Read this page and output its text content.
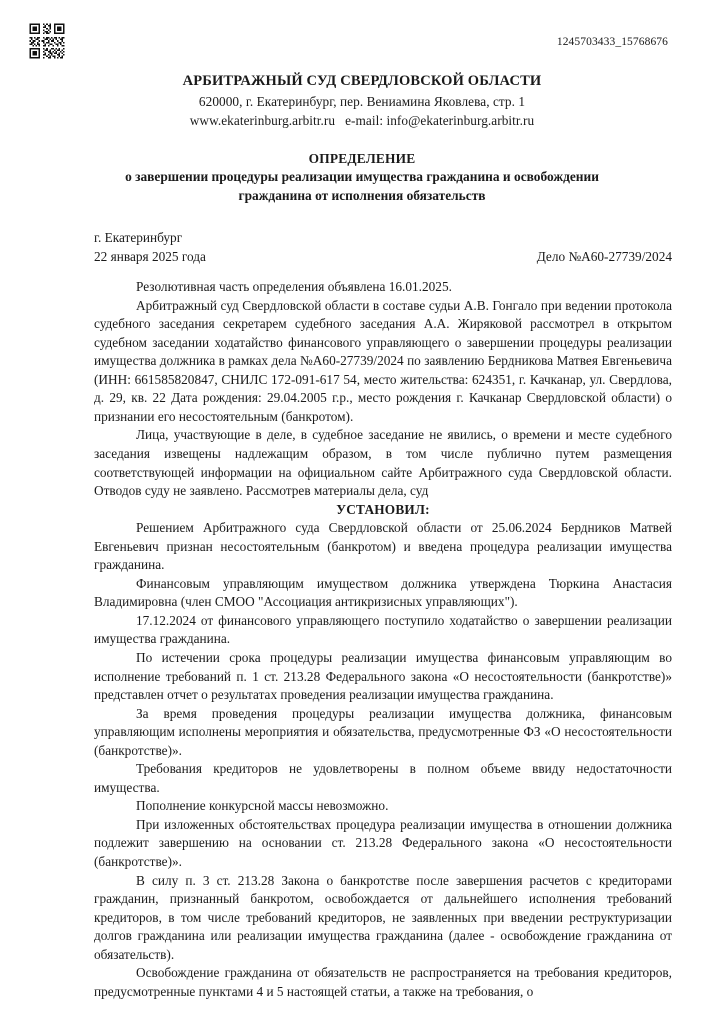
1245703433_15768676
АРБИТРАЖНЫЙ СУД СВЕРДЛОВСКОЙ ОБЛАСТИ
620000, г. Екатеринбург, пер. Вениамина Яковлева, стр. 1
www.ekaterinburg.arbitr.ru e-mail: info@ekaterinburg.arbitr.ru
ОПРЕДЕЛЕНИЕ
о завершении процедуры реализации имущества гражданина и освобождении
гражданина от исполнения обязательств
г. Екатеринбург
22 января 2025 года	Дело №А60-27739/2024

Резолютивная часть определения объявлена 16.01.2025.

Арбитражный суд Свердловской области в составе судьи А.В. Гонгало при ведении протокола судебного заседания секретарем судебного заседания А.А. Жиряковой рассмотрел в открытом судебном заседании ходатайство финансового управляющего о завершении процедуры реализации имущества должника в рамках дела №А60-27739/2024 по заявлению Бердникова Матвея Евгеньевича (ИНН: 661585820847, СНИЛС 172-091-617 54, место жительства: 624351, г. Качканар, ул. Свердлова, д. 29, кв. 22 Дата рождения: 29.04.2005 г.р., место рождения г. Качканар Свердловской области) о признании его несостоятельным (банкротом).

Лица, участвующие в деле, в судебное заседание не явились, о времени и месте судебного заседания извещены надлежащим образом, в том числе публично путем размещения соответствующей информации на официальном сайте Арбитражного суда Свердловской области. Отводов суду не заявлено. Рассмотрев материалы дела, суд

УСТАНОВИЛ:

Решением Арбитражного суда Свердловской области от 25.06.2024 Бердников Матвей Евгеньевич признан несостоятельным (банкротом) и введена процедура реализации имущества гражданина.

Финансовым управляющим имуществом должника утверждена Тюркина Анастасия Владимировна (член СМОО "Ассоциация антикризисных управляющих").

17.12.2024 от финансового управляющего поступило ходатайство о завершении реализации имущества гражданина.

По истечении срока процедуры реализации имущества финансовым управляющим во исполнение требований п. 1 ст. 213.28 Федерального закона «О несостоятельности (банкротстве)» представлен отчет о результатах проведения реализации имущества гражданина.

За время проведения процедуры реализации имущества должника, финансовым управляющим исполнены мероприятия и обязательства, предусмотренные ФЗ «О несостоятельности (банкротстве)».

Требования кредиторов не удовлетворены в полном объеме ввиду недостаточности имущества.

Пополнение конкурсной массы невозможно.

При изложенных обстоятельствах процедура реализации имущества в отношении должника подлежит завершению на основании ст. 213.28 Федерального закона «О несостоятельности (банкротстве)».

В силу п. 3 ст. 213.28 Закона о банкротстве после завершения расчетов с кредиторами гражданин, признанный банкротом, освобождается от дальнейшего исполнения требований кредиторов, в том числе требований кредиторов, не заявленных при введении реструктуризации долгов гражданина или реализации имущества гражданина (далее - освобождение гражданина от обязательств).

Освобождение гражданина от обязательств не распространяется на требования кредиторов, предусмотренные пунктами 4 и 5 настоящей статьи, а также на требования, о
